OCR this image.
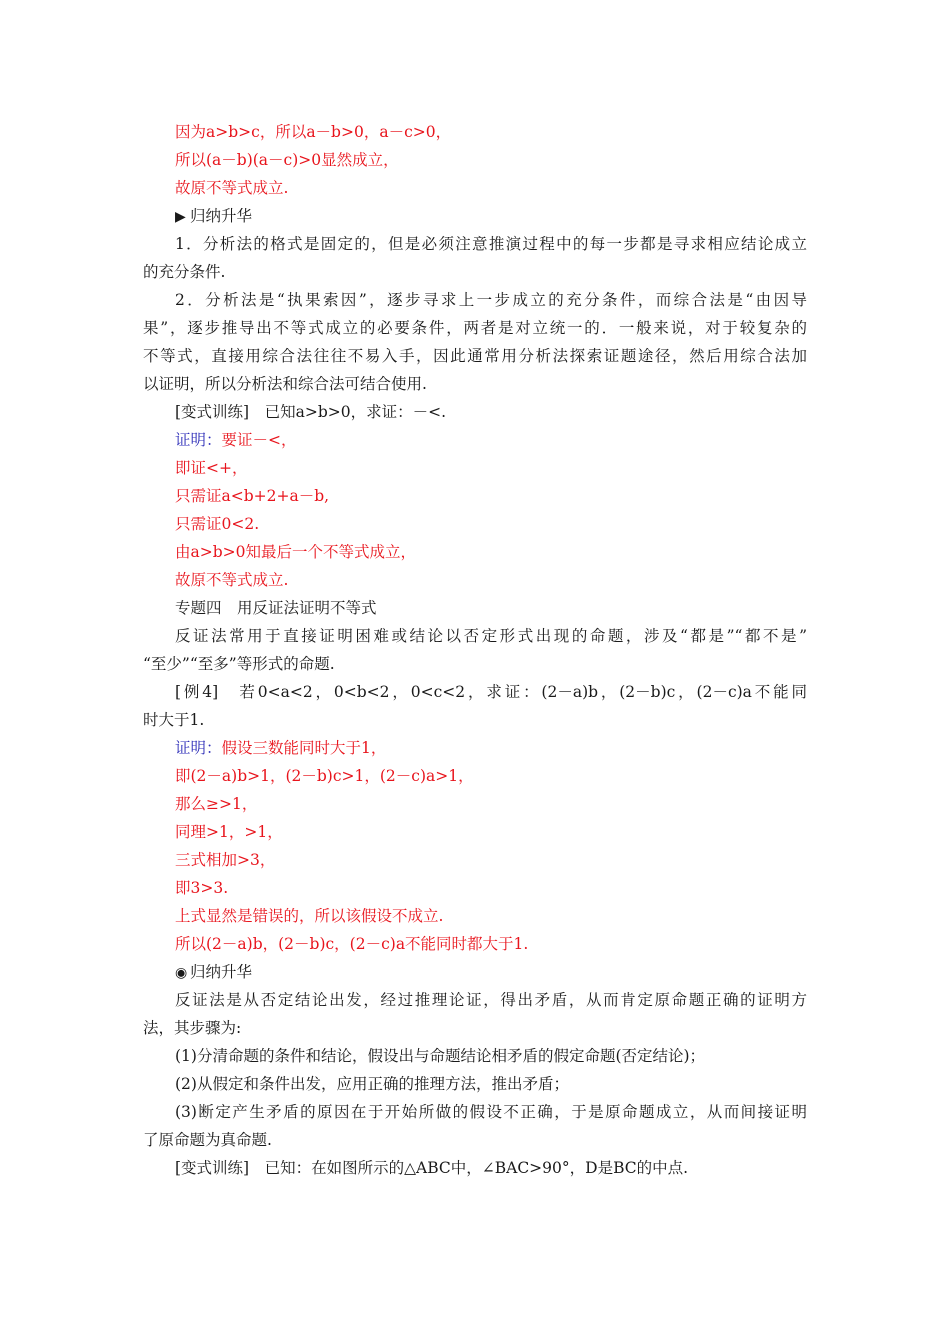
因为a>b>c，所以a－b>0，a－c>0，
所以(a－b)(a－c)>0显然成立，
故原不等式成立.
▶ 归纳升华
1．分析法的格式是固定的，但是必须注意推演过程中的每一步都是寻求相应结论成立
的充分条件.
2．分析法是“执果索因”，逐步寻求上一步成立的充分条件，而综合法是“由因导
果”，逐步推导出不等式成立的必要条件，两者是对立统一的．一般来说，对于较复杂的
不等式，直接用综合法往往不易入手，因此通常用分析法探索证题途径，然后用综合法加
以证明，所以分析法和综合法可结合使用.
[变式训练]　已知a>b>0，求证：－<.
证明：要证－<，
即证<+，
只需证a<b+2+a－b,
只需证0<2.
由a>b>0知最后一个不等式成立，
故原不等式成立.
专题四　用反证法证明不等式
反证法常用于直接证明困难或结论以否定形式出现的命题，涉及“都是”“都不是”
“至少”“至多”等形式的命题.
[例4]　若0<a<2，0<b<2，0<c<2，求证：(2－a)b，(2－b)c，(2－c)a不能同
时大于1.
证明：假设三数能同时大于1，
即(2－a)b>1，(2－b)c>1，(2－c)a>1，
那么≥>1，
同理>1，>1，
三式相加>3，
即3>3.
上式显然是错误的，所以该假设不成立.
所以(2－a)b，(2－b)c，(2－c)a不能同时都大于1.
◉ 归纳升华
反证法是从否定结论出发，经过推理论证，得出矛盾，从而肯定原命题正确的证明方
法，其步骤为:
(1)分清命题的条件和结论，假设出与命题结论相矛盾的假定命题(否定结论)；
(2)从假定和条件出发，应用正确的推理方法，推出矛盾；
(3)断定产生矛盾的原因在于开始所做的假设不正确，于是原命题成立，从而间接证明
了原命题为真命题.
[变式训练]　已知：在如图所示的△ABC中，∠BAC>90°，D是BC的中点.
